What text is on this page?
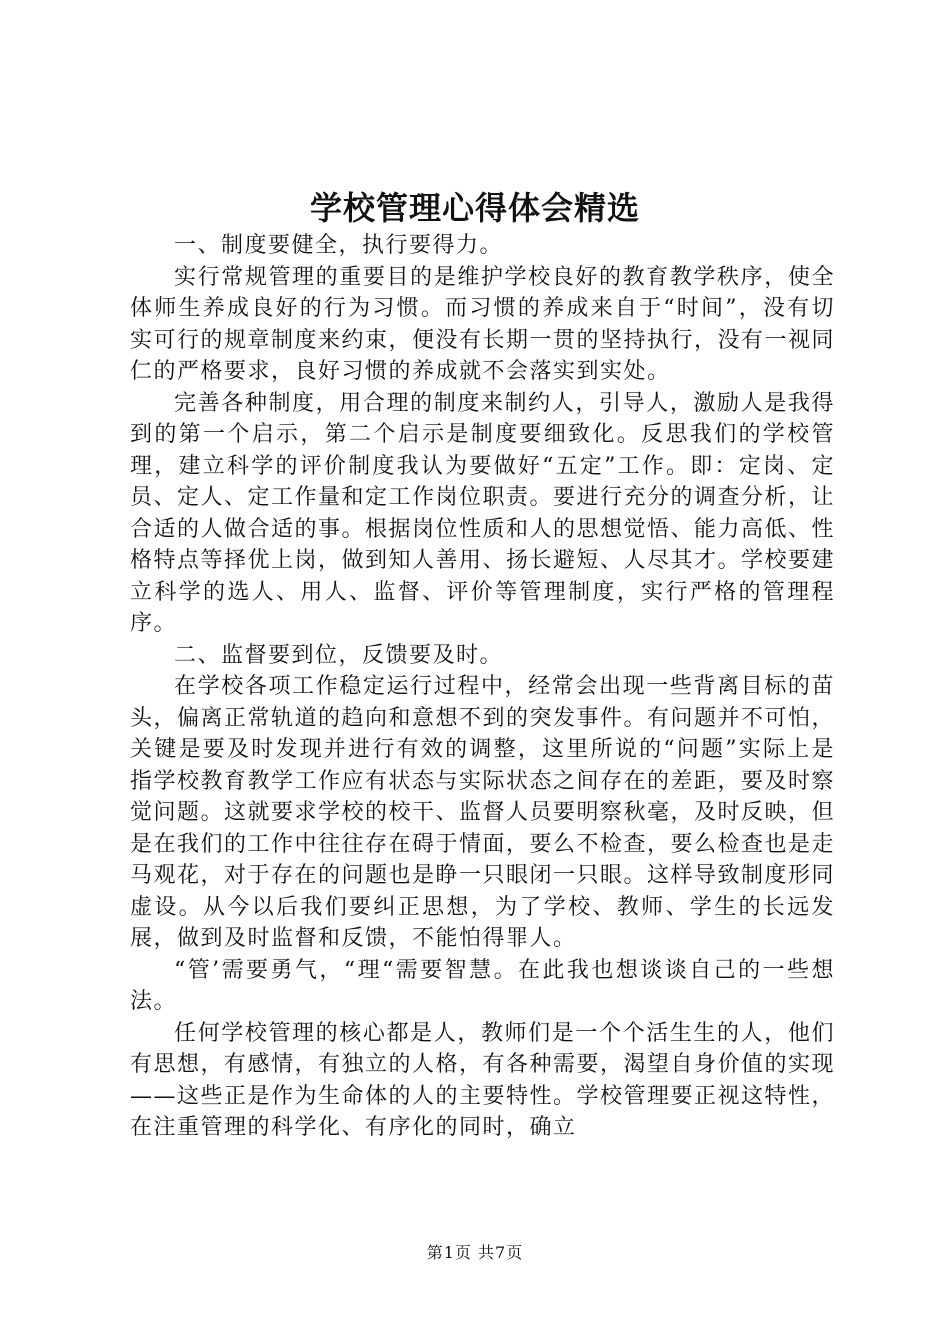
学校管理心得体会精选

一、制度要健全，执行要得力。

实行常规管理的重要目的是维护学校良好的教育教学秩序，使全体师生养成良好的行为习惯。而习惯的养成来自于“时间”，没有切实可行的规章制度来约束，便没有长期一贯的坚持执行，没有一视同仁的严格要求，良好习惯的养成就不会落实到实处。

完善各种制度，用合理的制度来制约人，引导人，激励人是我得到的第一个启示，第二个启示是制度要细致化。反思我们的学校管理，建立科学的评价制度我认为要做好“五定”工作。即：定岗、定员、定人、定工作量和定工作岗位职责。要进行充分的调查分析，让合适的人做合适的事。根据岗位性质和人的思想觉悟、能力高低、性格特点等择优上岗，做到知人善用、扬长避短、人尽其才。学校要建立科学的选人、用人、监督、评价等管理制度，实行严格的管理程序。

二、监督要到位，反馈要及时。

在学校各项工作稳定运行过程中，经常会出现一些背离目标的苗头，偏离正常轨道的趋向和意想不到的突发事件。有问题并不可怕，关键是要及时发现并进行有效的调整，这里所说的“问题”实际上是指学校教育教学工作应有状态与实际状态之间存在的差距，要及时察觉问题。这就要求学校的校干、监督人员要明察秋毫，及时反映，但是在我们的工作中往往存在碍于情面，要么不检查，要么检查也是走马观花，对于存在的问题也是睁一只眼闭一只眼。这样导致制度形同虚设。从今以后我们要纠正思想，为了学校、教师、学生的长远发展，做到及时监督和反馈，不能怕得罪人。

“管’需要勇气，“理“需要智慧。在此我也想谈谈自己的一些想法。

任何学校管理的核心都是人，教师们是一个个活生生的人，他们有思想，有感情，有独立的人格，有各种需要，渴望自身价值的实现——这些正是作为生命体的人的主要特性。学校管理要正视这特性，在注重管理的科学化、有序化的同时，确立

第1页 共7页
